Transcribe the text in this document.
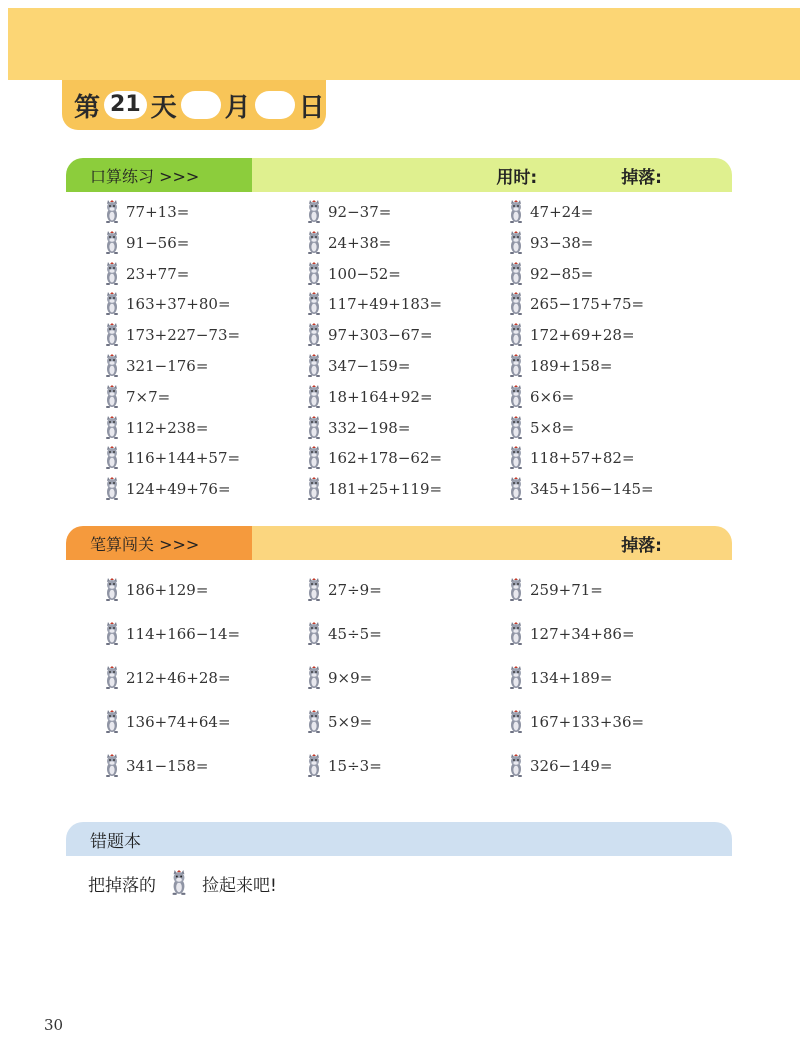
第 21 天 月 日
口算练习 >>>	用时:	掉落:
77+13=	92−37=	47+24=
91−56=	24+38=	93−38=
23+77=	100−52=	92−85=
163+37+80=	117+49+183=	265−175+75=
173+227−73=	97+303−67=	172+69+28=
321−176=	347−159=	189+158=
7×7=	18+164+92=	6×6=
112+238=	332−198=	5×8=
116+144+57=	162+178−62=	118+57+82=
124+49+76=	181+25+119=	345+156−145=
笔算闯关 >>>	掉落:
186+129=	27÷9=	259+71=
114+166−14=	45÷5=	127+34+86=
212+46+28=	9×9=	134+189=
136+74+64=	5×9=	167+133+36=
341−158=	15÷3=	326−149=
错题本
把掉落的	捡起来吧!
30
